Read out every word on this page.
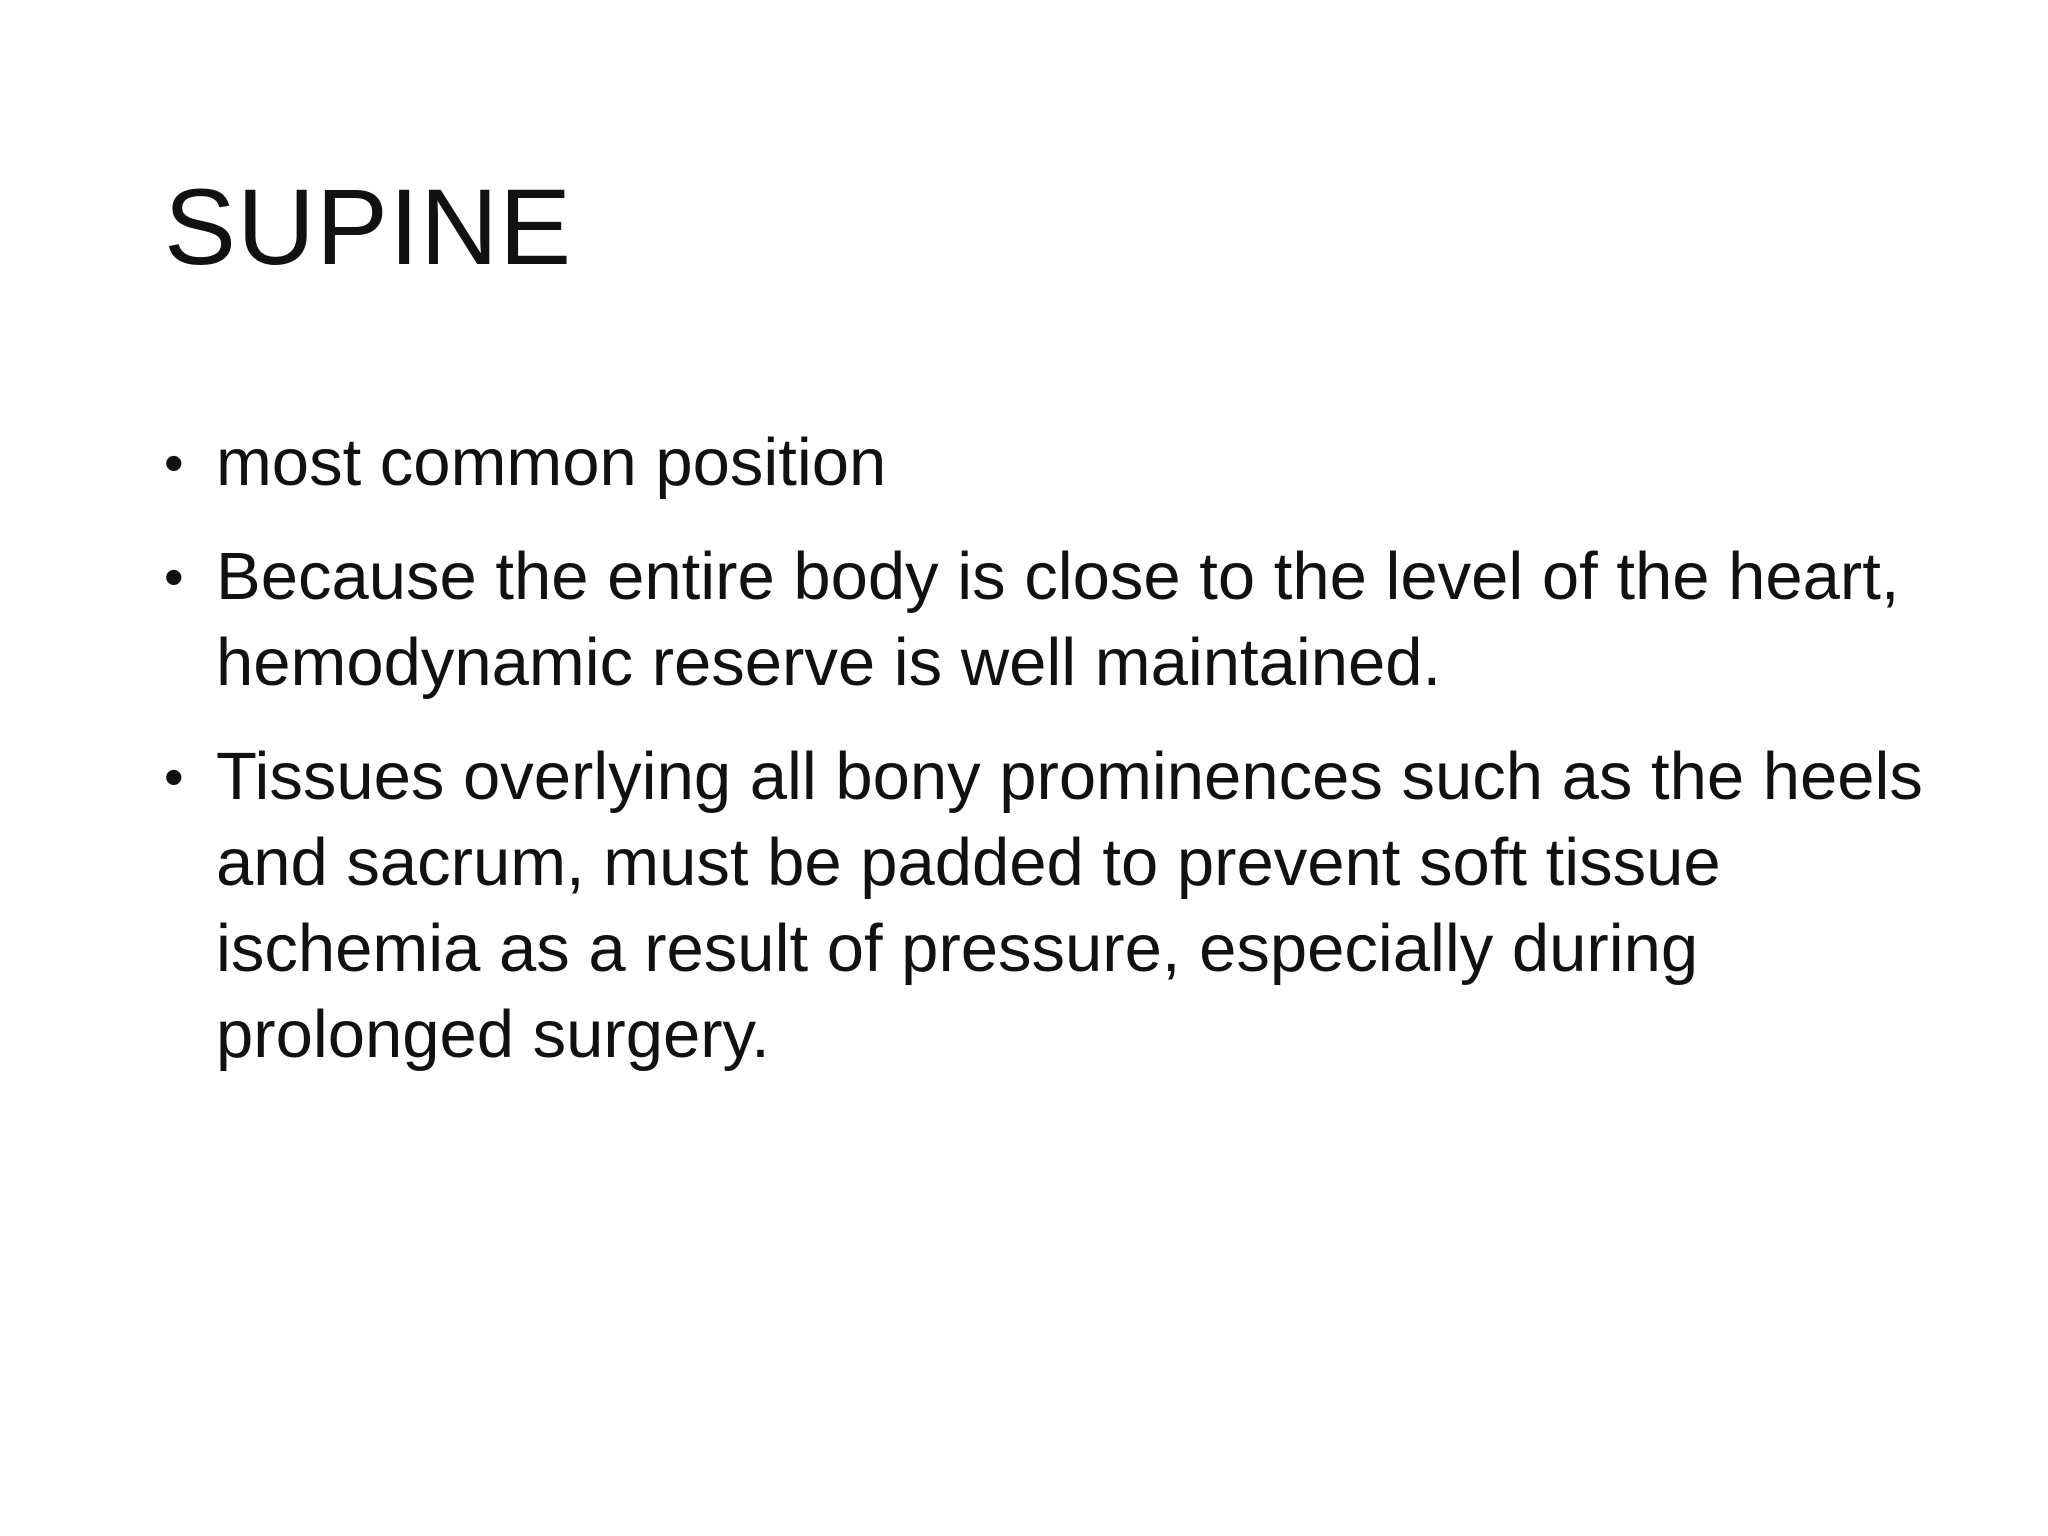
SUPINE
• most common position
• Because the entire body is close to the level of the heart, hemodynamic reserve is well maintained.
• Tissues overlying all bony prominences such as the heels and sacrum, must be padded to prevent soft tissue ischemia as a result of pressure, especially during prolonged surgery.
